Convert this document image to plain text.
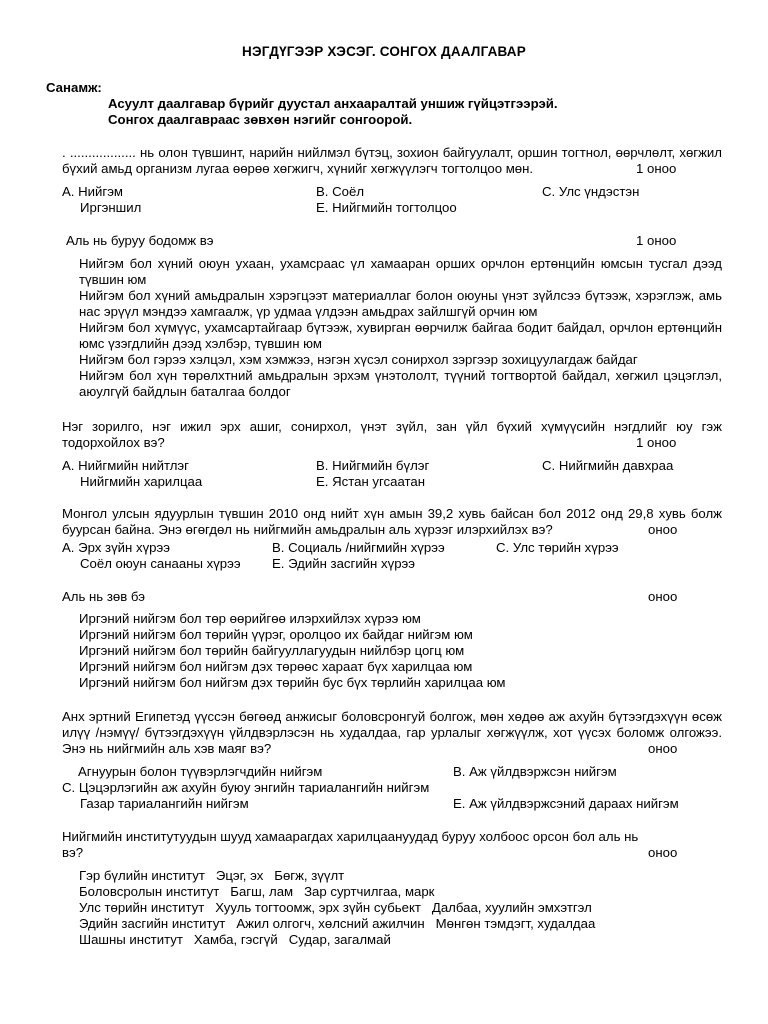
НЭГДҮГЭЭР ХЭСЭГ. СОНГОХ ДААЛГАВАР
Санамж:
Асуулт даалгавар бүрийг дуустал анхааралтай уншиж гүйцэтгээрэй.
Сонгох даалгавраас зөвхөн нэгийг сонгоорой.
. .................. нь олон түвшинт, нарийн нийлмэл бүтэц, зохион байгуулалт, оршин тогтнол, өөрчлөлт, хөгжил бүхий амьд организм лугаа өөрөө хөгжигч, хүнийг хөгжүүлэгч тогтолцоо мөн.	1 оноо
A. Нийгэм	B. Соёл	C. Улс үндэстэн
Иргэншил	E. Нийгмийн тогтолцоо
Аль нь буруу бодомж вэ	1 оноо
Нийгэм бол хүний оюун ухаан, ухамсраас үл хамааран орших орчлон ертөнцийн юмсын тусгал дээд түвшин юм
Нийгэм бол хүний амьдралын хэрэгцээт материаллаг болон оюуны үнэт зүйлсээ бүтээж, хэрэглэж, амь нас эрүүл мэндээ хамгаалж, үр удмаа үлдээн амьдрах зайлшгүй орчин юм
Нийгэм бол хүмүүс, ухамсартайгаар бүтээж, хувирган өөрчилж байгаа бодит байдал, орчлон ертөнцийн юмс үзэгдлийн дээд хэлбэр, түвшин юм
Нийгэм бол гэрээ хэлцэл, хэм хэмжээ, нэгэн хүсэл сонирхол зэргээр зохицуулагдаж байдаг
Нийгэм бол хүн төрөлхтний амьдралын эрхэм үнэтололт, түүний тогтвортой байдал, хөгжил цэцэглэл, аюулгүй байдлын баталгаа болдог
Нэг зорилго, нэг ижил эрх ашиг, сонирхол, үнэт зүйл, зан үйл бүхий хүмүүсийн нэгдлийг юу гэж тодорхойлох вэ?	1 оноо
A. Нийгмийн нийтлэг	B. Нийгмийн бүлэг	C. Нийгмийн давхраа
Нийгмийн харилцаа	E. Ястан угсаатан
Монгол улсын ядуурлын түвшин 2010 онд нийт хүн амын 39,2 хувь байсан бол 2012 онд 29,8 хувь болж буурсан байна. Энэ өгөгдөл нь нийгмийн амьдралын аль хүрээг илэрхийлэх вэ?	оноо
A. Эрх зүйн хүрээ	B. Социаль /нийгмийн хүрээ	C. Улс төрийн хүрээ
Соёл оюун санааны хүрээ E. Эдийн засгийн хүрээ
Аль нь зөв бэ	оноо
Иргэний нийгэм бол төр өөрийгөө илэрхийлэх хүрээ юм
Иргэний нийгэм бол төрийн үүрэг, оролцоо их байдаг нийгэм юм
Иргэний нийгэм бол төрийн байгууллагуудын нийлбэр цогц юм
Иргэний нийгэм бол нийгэм дэх төрөөс хараат бүх харилцаа юм
Иргэний нийгэм бол нийгэм дэх төрийн бус бүх төрлийн харилцаа юм
Анх эртний Египетэд үүссэн бөгөөд анжисыг боловсронгуй болгож, мөн хөдөө аж ахуйн бүтээгдэхүүн өсөж илүү /нэмүү/ бүтээгдэхүүн үйлдвэрлэсэн нь худалдаа, гар урлалыг хөгжүүлж, хот үүсэх боломж олгожээ. Энэ нь нийгмийн аль хэв маяг вэ?	оноо
Агнуурын болон түүвэрлэгчдийн нийгэм	B. Аж үйлдвэржсэн нийгэм
C. Цэцэрлэгийн аж ахуйн буюу энгийн тариалангийн нийгэм
Газар тариалангийн нийгэм	E. Аж үйлдвэржсэний дараах нийгэм
Нийгмийн институтуудын шууд хамаарагдах харилцаануудад буруу холбоос орсон бол аль нь вэ?	оноо
Гэр бүлийн институт   Эцэг, эх   Бөгж, зүүлт
Боловсролын институт   Багш, лам   Зар суртчилгаа, марк
Улс төрийн институт   Хууль тогтоомж, эрх зүйн субьект   Далбаа, хуулийн эмхэтгэл
Эдийн засгийн институт   Ажил олгогч, хөлсний ажилчин   Мөнгөн тэмдэгт, худалдаа
Шашны институт   Хамба, гэсгүй   Судар, загалмай
